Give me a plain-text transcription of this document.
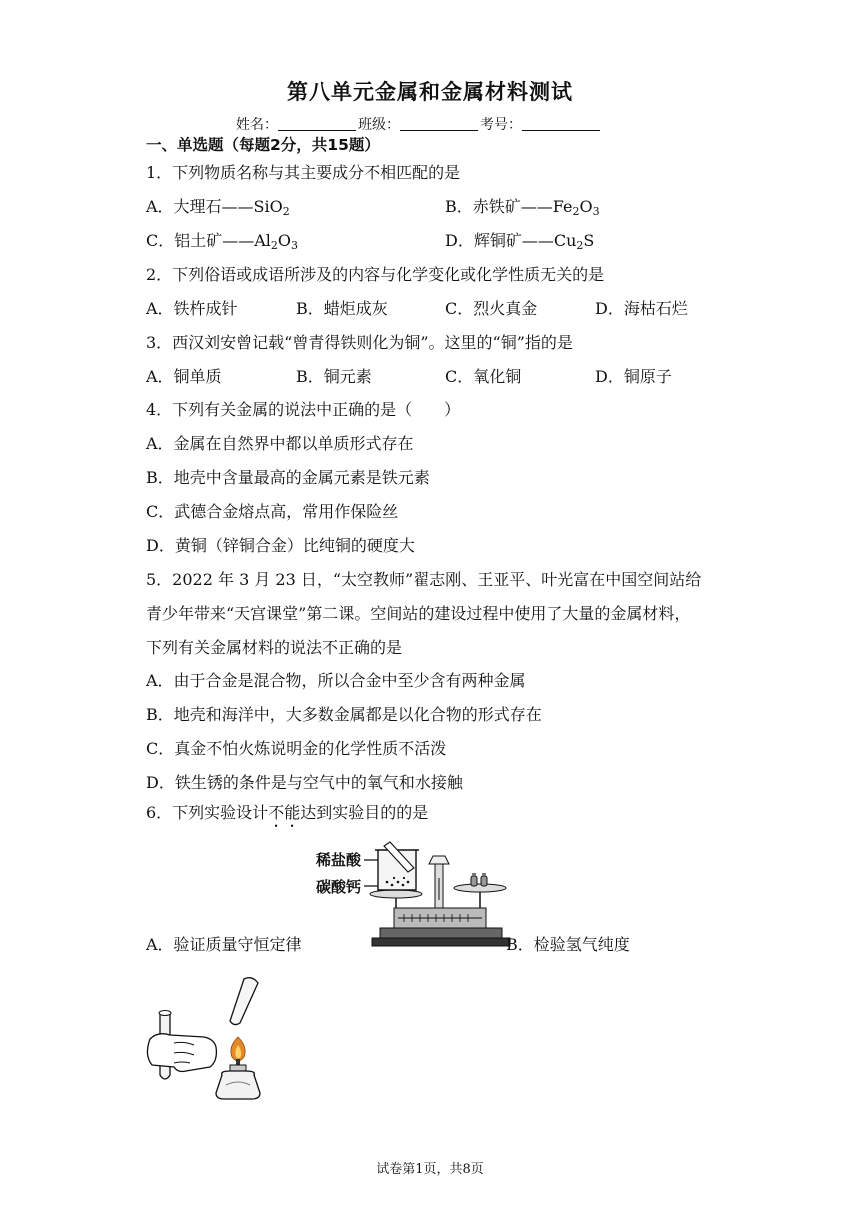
第八单元金属和金属材料测试
姓名：	班级：	考号：
一、单选题（每题2分，共15题）
1．下列物质名称与其主要成分不相匹配的是
A．大理石——SiO$_2$	B．赤铁矿$——Fe_2O_3$
C．铝土矿$——Al_2O_3$	D．辉铜矿$——Cu_2S$
2．下列俗语或成语所涉及的内容与化学变化或化学性质无关的是
A．铁杵成针	B．蜡炬成灰	C．烈火真金	D．海枯石烂
3．西汉刘安曾记载“曾青得铁则化为铜”。这里的“铜”指的是
A．铜单质	B．铜元素	C．氧化铜	D．铜原子
4．下列有关金属的说法中正确的是（　　）
A．金属在自然界中都以单质形式存在
B．地壳中含量最高的金属元素是铁元素
C．武德合金熔点高，常用作保险丝
D．黄铜（锌铜合金）比纯铜的硬度大
5．2022 年 3 月 23 日，“太空教师”翟志刚、王亚平、叶光富在中国空间站给
青少年带来“天宫课堂”第二课。空间站的建设过程中使用了大量的金属材料，
下列有关金属材料的说法不正确的是
A．由于合金是混合物，所以合金中至少含有两种金属
B．地壳和海洋中，大多数金属都是以化合物的形式存在
C．真金不怕火炼说明金的化学性质不活泼
D．铁生锈的条件是与空气中的氧气和水接触
6．下列实验设计不能达到实验目的的是
稀盐酸
碳酸钙
A．验证质量守恒定律	B．检验氢气纯度
试卷第1页，共8页
